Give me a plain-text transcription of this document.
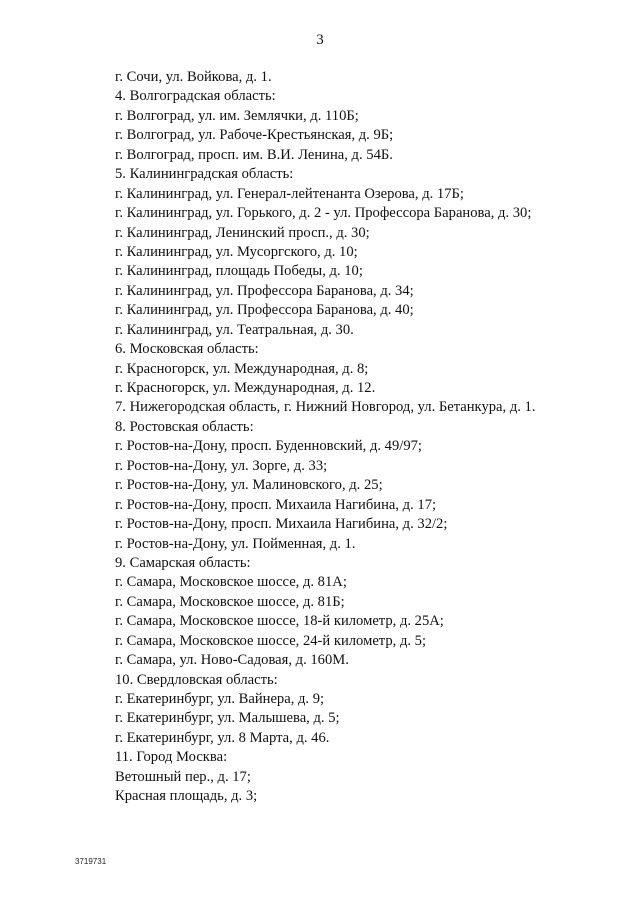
3
г. Сочи, ул. Войкова, д. 1.
4. Волгоградская область:
г. Волгоград, ул. им. Землячки, д. 110Б;
г. Волгоград, ул. Рабоче-Крестьянская, д. 9Б;
г. Волгоград, просп. им. В.И. Ленина, д. 54Б.
5. Калининградская область:
г. Калининград, ул. Генерал-лейтенанта Озерова, д. 17Б;
г. Калининград, ул. Горького, д. 2 - ул. Профессора Баранова, д. 30;
г. Калининград, Ленинский просп., д. 30;
г. Калининград, ул. Мусоргского, д. 10;
г. Калининград, площадь Победы, д. 10;
г. Калининград, ул. Профессора Баранова, д. 34;
г. Калининград, ул. Профессора Баранова, д. 40;
г. Калининград, ул. Театральная, д. 30.
6. Московская область:
г. Красногорск, ул. Международная, д. 8;
г. Красногорск, ул. Международная, д. 12.
7. Нижегородская область, г. Нижний Новгород, ул. Бетанкура, д. 1.
8. Ростовская область:
г. Ростов-на-Дону, просп. Буденновский, д. 49/97;
г. Ростов-на-Дону, ул. Зорге, д. 33;
г. Ростов-на-Дону, ул. Малиновского, д. 25;
г. Ростов-на-Дону, просп. Михаила Нагибина, д. 17;
г. Ростов-на-Дону, просп. Михаила Нагибина, д. 32/2;
г. Ростов-на-Дону, ул. Пойменная, д. 1.
9. Самарская область:
г. Самара, Московское шоссе, д. 81А;
г. Самара, Московское шоссе, д. 81Б;
г. Самара, Московское шоссе, 18-й километр, д. 25А;
г. Самара, Московское шоссе, 24-й километр, д. 5;
г. Самара, ул. Ново-Садовая, д. 160М.
10. Свердловская область:
г. Екатеринбург, ул. Вайнера, д. 9;
г. Екатеринбург, ул. Малышева, д. 5;
г. Екатеринбург, ул. 8 Марта, д. 46.
11. Город Москва:
Ветошный пер., д. 17;
Красная площадь, д. 3;
3719731
